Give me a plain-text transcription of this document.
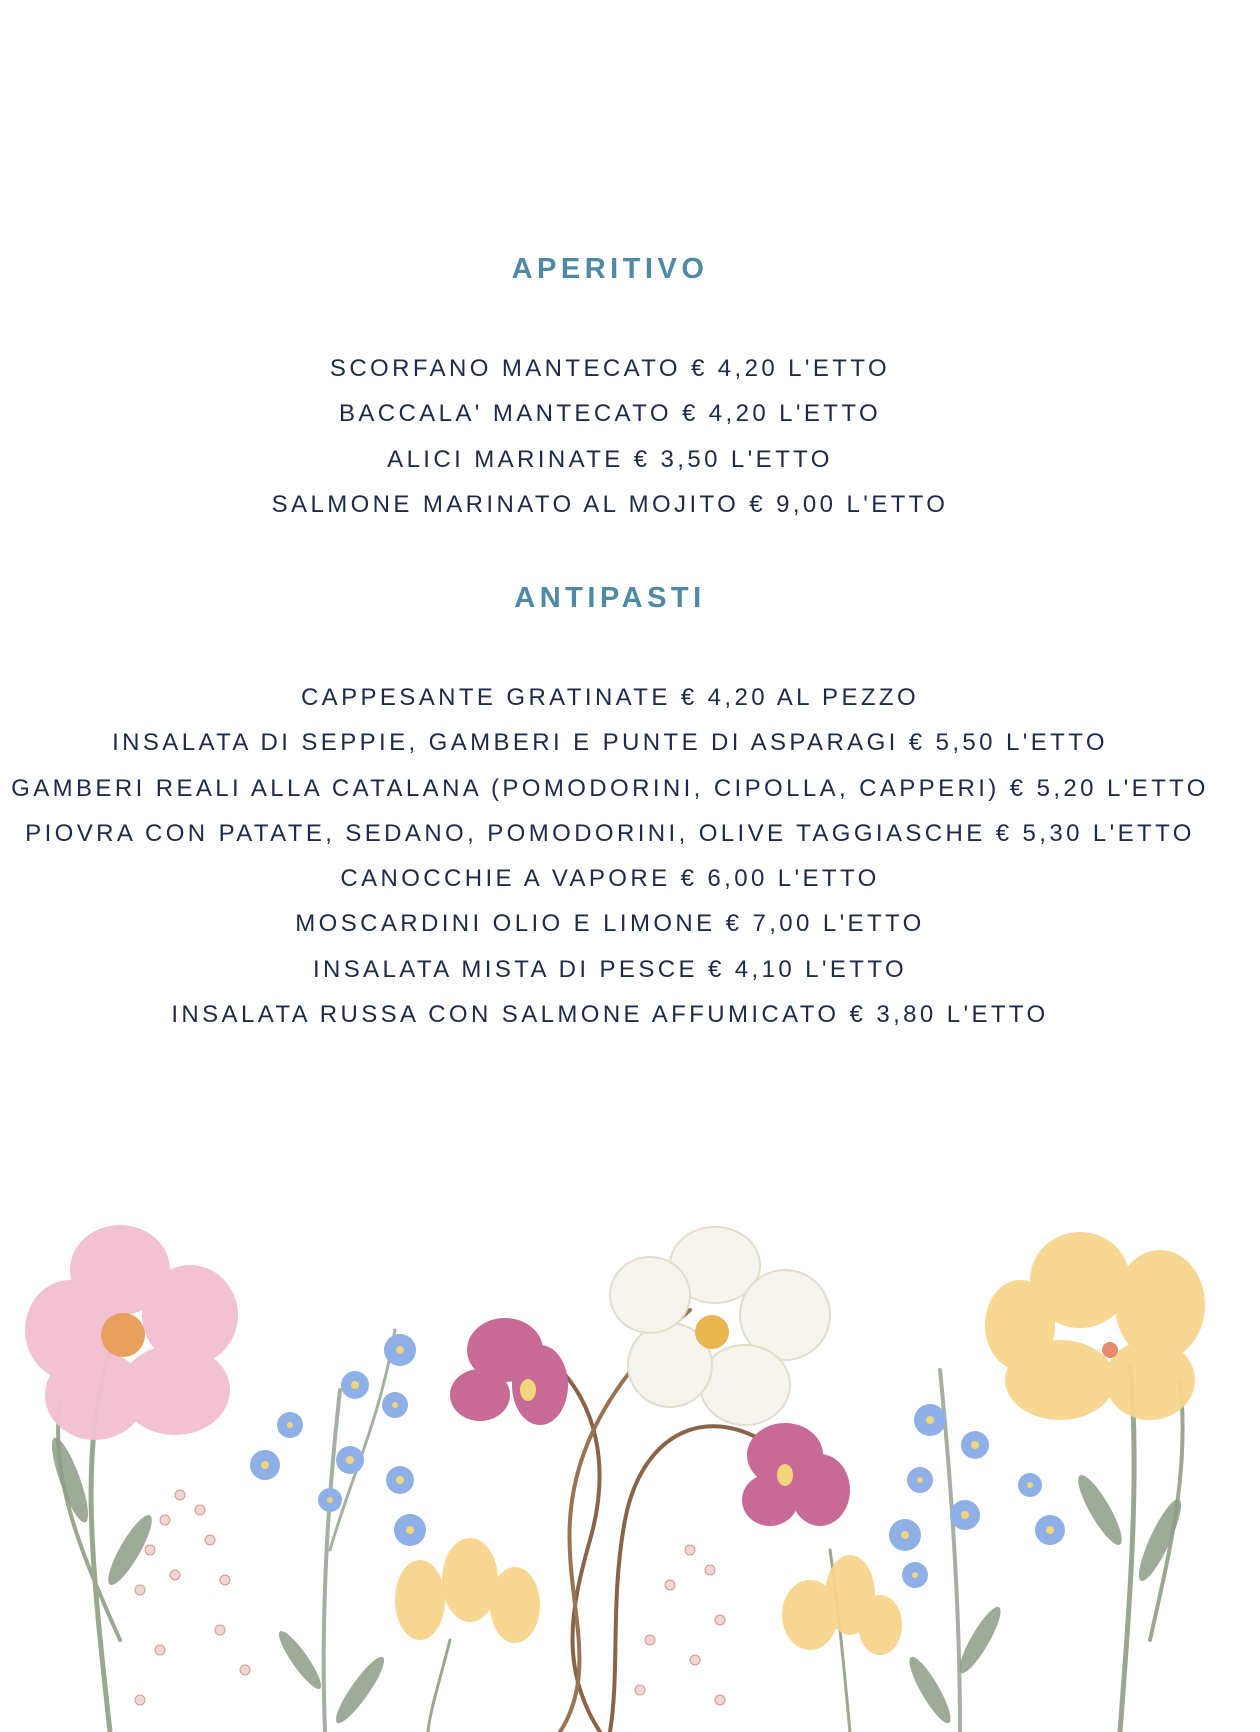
APERITIVO
SCORFANO MANTECATO € 4,20 L'ETTO
BACCALA' MANTECATO € 4,20 L'ETTO
ALICI MARINATE € 3,50 L'ETTO
SALMONE MARINATO AL MOJITO € 9,00 L'ETTO
ANTIPASTI
CAPPESANTE GRATINATE € 4,20 AL PEZZO
INSALATA DI SEPPIE, GAMBERI E PUNTE DI ASPARAGI € 5,50 L'ETTO
GAMBERI REALI ALLA CATALANA (POMODORINI, CIPOLLA, CAPPERI) € 5,20 L'ETTO
PIOVRA CON PATATE, SEDANO, POMODORINI, OLIVE TAGGIASCHE € 5,30 L'ETTO
CANOCCHIE A VAPORE € 6,00 L'ETTO
MOSCARDINI OLIO E LIMONE € 7,00 L'ETTO
INSALATA MISTA DI PESCE € 4,10 L'ETTO
INSALATA RUSSA CON SALMONE AFFUMICATO € 3,80 L'ETTO
